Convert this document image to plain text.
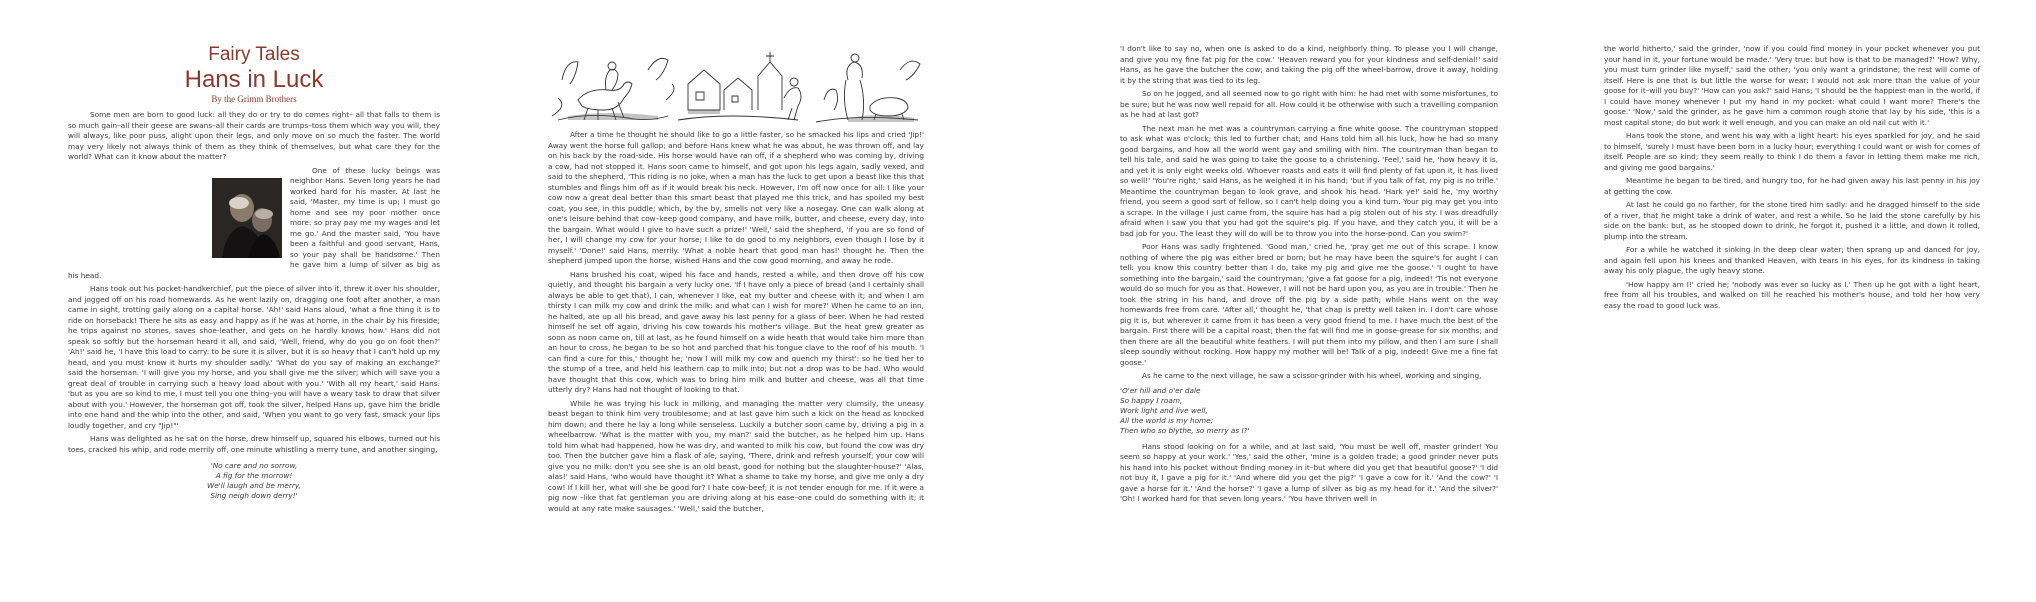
Fairy Tales
Hans in Luck
By the Grimm Brothers

Some men are born to good luck: all they do or try to do comes right– all that falls to them is so much gain–all their geese are swans–all their cards are trumps–toss them which way you will, they will always, like poor puss, alight upon their legs, and only move on so much the faster. The world may very likely not always think of them as they think of themselves, but what care they for the world? What can it know about the matter?

One of these lucky beings was neighbor Hans. Seven long years he had worked hard for his master. At last he said, 'Master, my time is up; I must go home and see my poor mother once more: so pray pay me my wages and let me go.' And the master said, 'You have been a faithful and good servant, Hans, so your pay shall be handsome.' Then he gave him a lump of silver as big as his head.

Hans took out his pocket-handkerchief, put the piece of silver into it, threw it over his shoulder, and jogged off on his road homewards. As he went lazily on, dragging one foot after another, a man came in sight, trotting gaily along on a capital horse. 'Ah!' said Hans aloud, 'what a fine thing it is to ride on horseback! There he sits as easy and happy as if he was at home, in the chair by his fireside; he trips against no stones, saves shoe-leather, and gets on he hardly knows how.' Hans did not speak so softly but the horseman heard it all, and said, 'Well, friend, why do you go on foot then?' 'Ah!' said he, 'I have this load to carry: to be sure it is silver, but it is so heavy that I can't hold up my head, and you must know it hurts my shoulder sadly.' 'What do you say of making an exchange?' said the horseman. 'I will give you my horse, and you shall give me the silver; which will save you a great deal of trouble in carrying such a heavy load about with you.' 'With all my heart,' said Hans: 'but as you are so kind to me, I must tell you one thing–you will have a weary task to draw that silver about with you.' However, the horseman got off, took the silver, helped Hans up, gave him the bridle into one hand and the whip into the other, and said, 'When you want to go very fast, smack your lips loudly together, and cry "Jip!"'

Hans was delighted as he sat on the horse, drew himself up, squared his elbows, turned out his toes, cracked his whip, and rode merrily off, one minute whistling a merry tune, and another singing,

'No care and no sorrow,
A fig for the morrow!
We'll laugh and be merry,
Sing neigh down derry!'

After a time he thought he should like to go a little faster, so he smacked his lips and cried 'Jip!' Away went the horse full gallop; and before Hans knew what he was about, he was thrown off, and lay on his back by the road-side. His horse would have ran off, if a shepherd who was coming by, driving a cow, had not stopped it. Hans soon came to himself, and got upon his legs again, sadly vexed, and said to the shepherd, 'This riding is no joke, when a man has the luck to get upon a beast like this that stumbles and flings him off as if it would break his neck. However, I'm off now once for all: I like your cow now a great deal better than this smart beast that played me this trick, and has spoiled my best coat, you see, in this puddle; which, by the by, smells not very like a nosegay. One can walk along at one's leisure behind that cow–keep good company, and have milk, butter, and cheese, every day, into the bargain. What would I give to have such a prize!' 'Well,' said the shepherd, 'if you are so fond of her, I will change my cow for your horse; I like to do good to my neighbors, even though I lose by it myself.' 'Done!' said Hans, merrily. 'What a noble heart that good man has!' thought he. Then the shepherd jumped upon the horse, wished Hans and the cow good morning, and away he rode.

Hans brushed his coat, wiped his face and hands, rested a while, and then drove off his cow quietly, and thought his bargain a very lucky one. 'If I have only a piece of bread (and I certainly shall always be able to get that), I can, whenever I like, eat my butter and cheese with it; and when I am thirsty I can milk my cow and drink the milk: and what can I wish for more?' When he came to an inn, he halted, ate up all his bread, and gave away his last penny for a glass of beer. When he had rested himself he set off again, driving his cow towards his mother's village. But the heat grew greater as soon as noon came on, till at last, as he found himself on a wide heath that would take him more than an hour to cross, he began to be so hot and parched that his tongue clave to the roof of his mouth. 'I can find a cure for this,' thought he; 'now I will milk my cow and quench my thirst': so he tied her to the stump of a tree, and held his leathern cap to milk into; but not a drop was to be had. Who would have thought that this cow, which was to bring him milk and butter and cheese, was all that time utterly dry? Hans had not thought of looking to that.

While he was trying his luck in milking, and managing the matter very clumsily, the uneasy beast began to think him very troublesome; and at last gave him such a kick on the head as knocked him down; and there he lay a long while senseless. Luckily a butcher soon came by, driving a pig in a wheelbarrow. 'What is the matter with you, my man?' said the butcher, as he helped him up. Hans told him what had happened, how he was dry, and wanted to milk his cow, but found the cow was dry too. Then the butcher gave him a flask of ale, saying, 'There, drink and refresh yourself; your cow will give you no milk: don't you see she is an old beast, good for nothing but the slaughter-house?' 'Alas, alas!' said Hans, 'who would have thought it? What a shame to take my horse, and give me only a dry cow! If I kill her, what will she be good for? I hate cow-beef; it is not tender enough for me. If it were a pig now –like that fat gentleman you are driving along at his ease–one could do something with it; it would at any rate make sausages.' 'Well,' said the butcher,

'I don't like to say no, when one is asked to do a kind, neighborly thing. To please you I will change, and give you my fine fat pig for the cow.' 'Heaven reward you for your kindness and self-denial!' said Hans, as he gave the butcher the cow; and taking the pig off the wheel-barrow, drove it away, holding it by the string that was tied to its leg.

So on he jogged, and all seemed now to go right with him: he had met with some misfortunes, to be sure; but he was now well repaid for all. How could it be otherwise with such a travelling companion as he had at last got?

The next man he met was a countryman carrying a fine white goose. The countryman stopped to ask what was o'clock; this led to further chat; and Hans told him all his luck, how he had so many good bargains, and how all the world went gay and smiling with him. The countryman than began to tell his tale, and said he was going to take the goose to a christening. 'Feel,' said he, 'how heavy it is, and yet it is only eight weeks old. Whoever roasts and eats it will find plenty of fat upon it, it has lived so well!' 'You're right,' said Hans, as he weighed it in his hand; 'but if you talk of fat, my pig is no trifle.' Meantime the countryman began to look grave, and shook his head. 'Hark ye!' said he, 'my worthy friend, you seem a good sort of fellow, so I can't help doing you a kind turn. Your pig may get you into a scrape. In the village I just came from, the squire has had a pig stolen out of his sty. I was dreadfully afraid when I saw you that you had got the squire's pig. If you have, and they catch you, it will be a bad job for you. The least they will do will be to throw you into the horse-pond. Can you swim?'

Poor Hans was sadly frightened. 'Good man,' cried he, 'pray get me out of this scrape. I know nothing of where the pig was either bred or born; but he may have been the squire's for aught I can tell: you know this country better than I do, take my pig and give me the goose.' 'I ought to have something into the bargain,' said the countryman; 'give a fat goose for a pig, indeed! 'Tis not everyone would do so much for you as that. However, I will not be hard upon you, as you are in trouble.' Then he took the string in his hand, and drove off the pig by a side path; while Hans went on the way homewards free from care. 'After all,' thought he, 'that chap is pretty well taken in. I don't care whose pig it is, but wherever it came from it has been a very good friend to me. I have much the best of the bargain. First there will be a capital roast; then the fat will find me in goose-grease for six months; and then there are all the beautiful white feathers. I will put them into my pillow, and then I am sure I shall sleep soundly without rocking. How happy my mother will be! Talk of a pig, indeed! Give me a fine fat goose.'

As he came to the next village, he saw a scissor-grinder with his wheel, working and singing,

'O'er hill and o'er dale
So happy I roam,
Work light and live well,
All the world is my home;
Then who so blythe, so merry as I?'

Hans stood looking on for a while, and at last said, 'You must be well off, master grinder! You seem so happy at your work.' 'Yes,' said the other, 'mine is a golden trade; a good grinder never puts his hand into his pocket without finding money in it–but where did you get that beautiful goose?' 'I did not buy it, I gave a pig for it.' 'And where did you get the pig?' 'I gave a cow for it.' 'And the cow?' 'I gave a horse for it.' 'And the horse?' 'I gave a lump of silver as big as my head for it.' 'And the silver?' 'Oh! I worked hard for that seven long years.' 'You have thriven well in

the world hitherto,' said the grinder, 'now if you could find money in your pocket whenever you put your hand in it, your fortune would be made.' 'Very true: but how is that to be managed?' 'How? Why, you must turn grinder like myself,' said the other; 'you only want a grindstone; the rest will come of itself. Here is one that is but little the worse for wear: I would not ask more than the value of your goose for it–will you buy?' 'How can you ask?' said Hans; 'I should be the happiest man in the world, if I could have money whenever I put my hand in my pocket: what could I want more? There's the goose.' 'Now,' said the grinder, as he gave him a common rough stone that lay by his side, 'this is a most capital stone; do but work it well enough, and you can make an old nail cut with it.'

Hans took the stone, and went his way with a light heart: his eyes sparkled for joy, and he said to himself, 'surely I must have been born in a lucky hour; everything I could want or wish for comes of itself. People are so kind; they seem really to think I do them a favor in letting them make me rich, and giving me good bargains.'

Meantime he began to be tired, and hungry too, for he had given away his last penny in his joy at getting the cow.

At last he could go no farther, for the stone tired him sadly: and he dragged himself to the side of a river, that he might take a drink of water, and rest a while. So he laid the stone carefully by his side on the bank: but, as he stooped down to drink, he forgot it, pushed it a little, and down it rolled, plump into the stream.

For a while he watched it sinking in the deep clear water; then sprang up and danced for joy, and again fell upon his knees and thanked Heaven, with tears in his eyes, for its kindness in taking away his only plague, the ugly heavy stone.

'How happy am I!' cried he; 'nobody was ever so lucky as I.' Then up he got with a light heart, free from all his troubles, and walked on till he reached his mother's house, and told her how very easy the road to good luck was.
